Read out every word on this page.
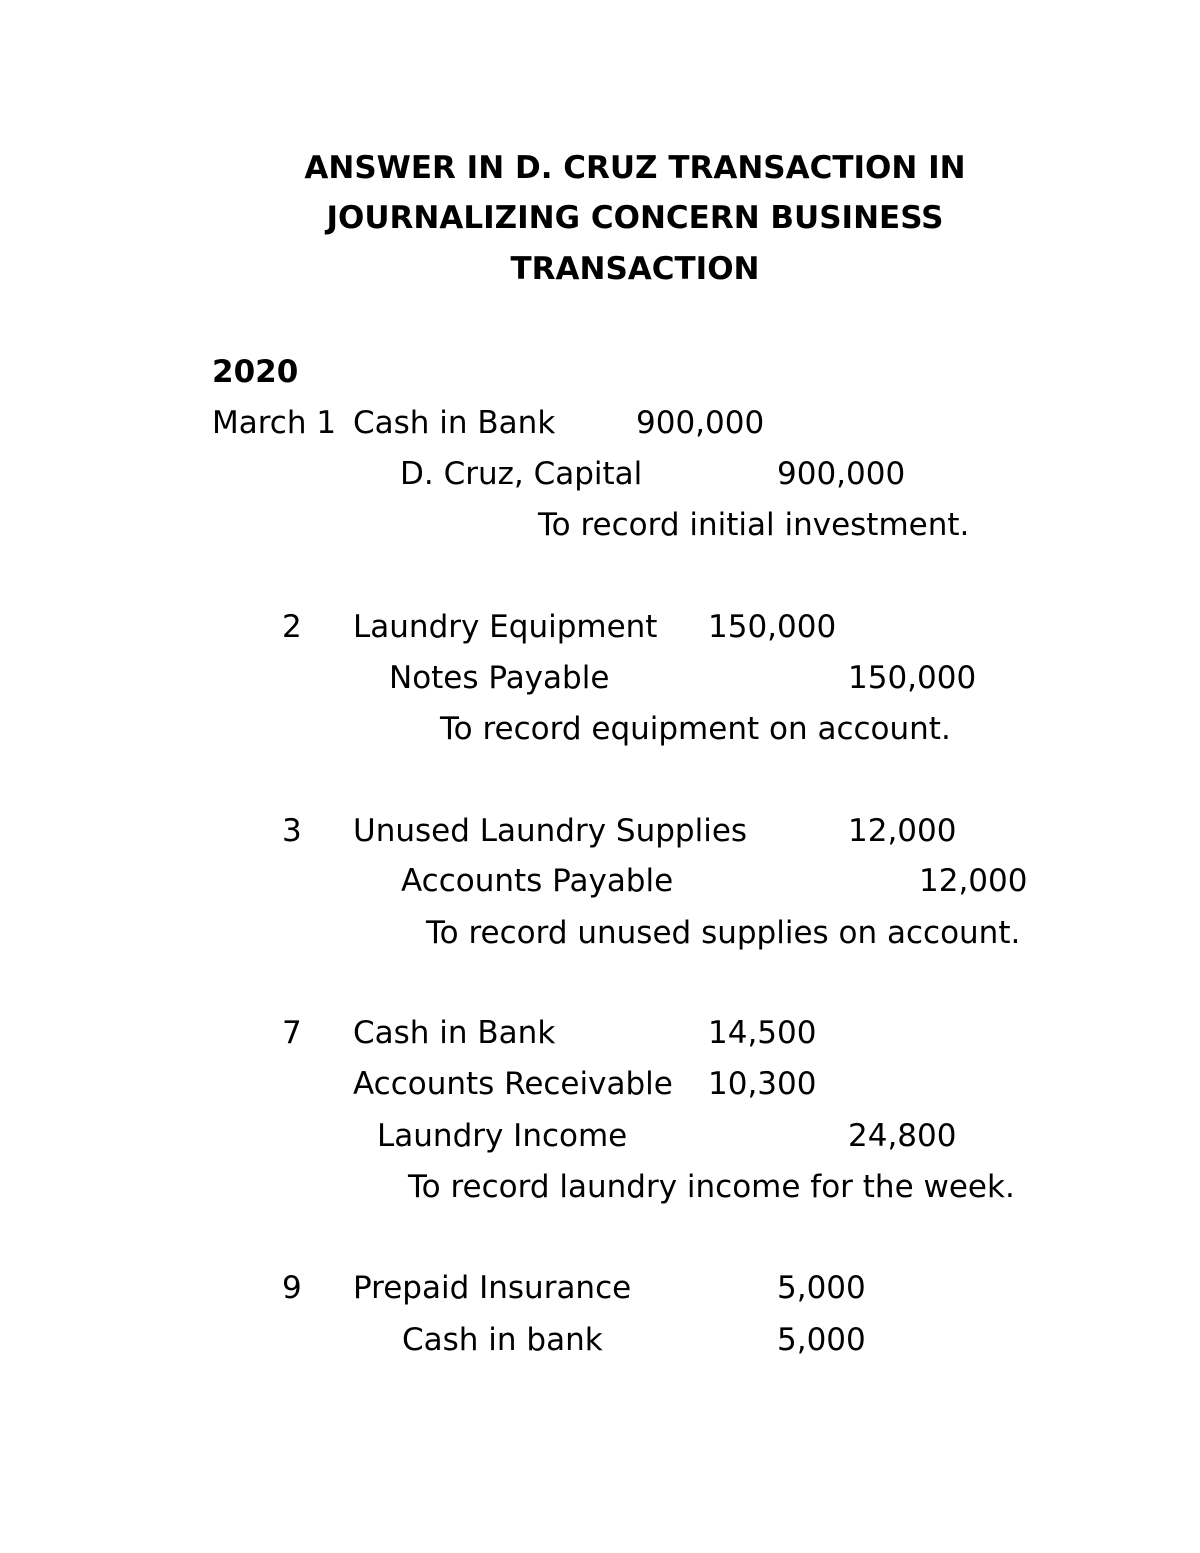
ANSWER IN D. CRUZ TRANSACTION IN
JOURNALIZING CONCERN BUSINESS
TRANSACTION
2020
March 1 Cash in Bank	900,000
D. Cruz, Capital	900,000
To record initial investment.
2 Laundry Equipment 150,000
Notes Payable	150,000
To record equipment on account.
3 Unused Laundry Supplies	12,000
Accounts Payable	12,000
To record unused supplies on account.
7 Cash in Bank	14,500
Accounts Receivable 10,300
Laundry Income	24,800
To record laundry income for the week.
9 Prepaid Insurance	5,000
Cash in bank	5,000
